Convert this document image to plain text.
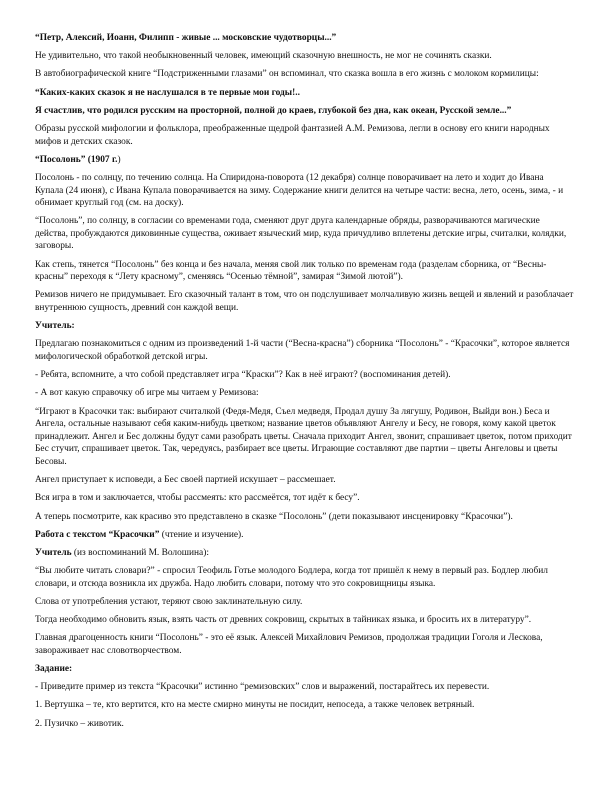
“Петр, Алексий, Иоанн, Филипп - живые ... московские чудотворцы...”

Не удивительно, что такой необыкновенный человек, имеющий сказочную внешность, не мог не сочинять сказки.

В автобиографической книге “Подстриженными глазами” он вспоминал, что сказка вошла в его жизнь с молоком кормилицы:

“Каких-каких сказок я не наслушался в те первые мои годы!..

Я счастлив, что родился русским на просторной, полной до краев, глубокой без дна, как океан, Русской земле...”

Образы русской мифологии и фольклора, преображенные щедрой фантазией А.М. Ремизова, легли в основу его книги народных мифов и детских сказок.

“Посолонь” (1907 г.)

Посолонь - по солнцу, по течению солнца. На Спиридона-поворота (12 декабря) солнце поворачивает на лето и ходит до Ивана Купала (24 июня), с Ивана Купала поворачивается на зиму. Содержание книги делится на четыре части: весна, лето, осень, зима, - и обнимает круглый год (см. на доску).

“Посолонь”, по солнцу, в согласии со временами года, сменяют друг друга календарные обряды, разворачиваются магические действа, пробуждаются диковинные существа, оживает языческий мир, куда причудливо вплетены детские игры, считалки, колядки, заговоры.

Как степь, тянется “Посолонь” без конца и без начала, меняя свой лик только по временам года (разделам сборника, от “Весны-красны” переходя к “Лету красному”, сменяясь “Осенью тёмной”, замирая “Зимой лютой”).

Ремизов ничего не придумывает. Его сказочный талант в том, что он подслушивает молчаливую жизнь вещей и явлений и разоблачает внутреннюю сущность, древний сон каждой вещи.

Учитель:

Предлагаю познакомиться с одним из произведений 1-й части (“Весна-красна”) сборника “Посолонь” - “Красочки”, которое является мифологической обработкой детской игры.

- Ребята, вспомните, а что собой представляет игра “Краски”? Как в неё играют? (воспоминания детей).

- А вот какую справочку об игре мы читаем у Ремизова:

“Играют в Красочки так: выбирают считалкой (Федя-Медя, Съел медведя, Продал душу За лягушу, Родивон, Выйди вон.) Беса и Ангела, остальные называют себя каким-нибудь цветком; название цветов объявляют Ангелу и Бесу, не говоря, кому какой цветок принадлежит. Ангел и Бес должны будут сами разобрать цветы. Сначала приходит Ангел, звонит, спрашивает цветок, потом приходит Бес стучит, спрашивает цветок. Так, чередуясь, разбирает все цветы. Играющие составляют две партии – цветы Ангеловы и цветы Бесовы.

Ангел приступает к исповеди, а Бес своей партией искушает – рассмешает.

Вся игра в том и заключается, чтобы рассмеять: кто рассмеётся, тот идёт к бесу”.

А теперь посмотрите, как красиво это представлено в сказке “Посолонь” (дети показывают инсценировку “Красочки”).

Работа с текстом “Красочки” (чтение и изучение).

Учитель (из воспоминаний М. Волошина):

“Вы любите читать словари?” - спросил Теофиль Готье молодого Бодлера, когда тот пришёл к нему в первый раз. Бодлер любил словари, и отсюда возникла их дружба. Надо любить словари, потому что это сокровищницы языка.

Слова от употребления устают, теряют свою заклинательную силу.

Тогда необходимо обновить язык, взять часть от древних сокровищ, скрытых в тайниках языка, и бросить их в литературу”.

Главная драгоценность книги “Посолонь” - это её язык. Алексей Михайлович Ремизов, продолжая традиции Гоголя и Лескова, завораживает нас словотворчеством.

Задание:

- Приведите пример из текста “Красочки” истинно “ремизовских” слов и выражений, постарайтесь их перевести.

1. Вертушка – те, кто вертится, кто на месте смирно минуты не посидит, непоседа, а также человек ветряный.

2. Пузичко – животик.
